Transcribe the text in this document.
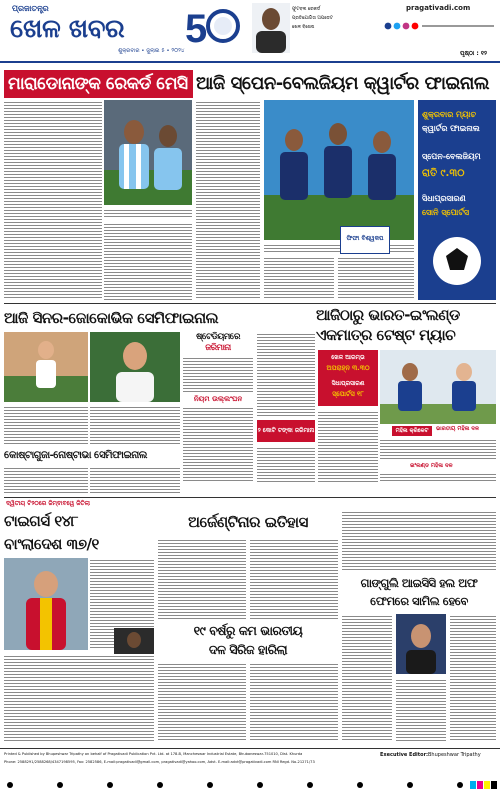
ପ୍ରଜାତନ୍ତ୍ର
ଖେଳ ଖବର
ଶୁକ୍ରବାର • ଜୁଲାଇ ୫ • ୨୦୨୪ 5	ଫୁଟବଲ ରେକର୍ଡ
ପ୍ରତିଯୋଗିତା ଅପଡେଟ
ଖେଳ ବିଶେଷ
pragativadi.com
ପୃଷ୍ଠା : ୧୨
ମାରାଡୋନାଙ୍କ ରେକର୍ଡ ମେସି ଭାଙ୍ଗିଲେ
ଆଜି ସ୍ପେନ-ବେଲଜିୟମ କ୍ୱାର୍ଟର ଫାଇନାଲ
ଫିଫା ବିଶ୍ୱକପ
ଶୁକ୍ରବାର ମ୍ୟାଚ
କ୍ୱାର୍ଟର ଫାଇନାଲ
ସ୍ପେନ-ବେଲଜିୟମ
ରାତି ୯.୩୦
ସିଧାପ୍ରସାରଣ
ସୋନି ସ୍ପୋର୍ଟସ
ଆଜି ସିନର-ଜୋକୋଭିକ ସେମିଫାଇନାଲ
ଷ୍ଟେଡିୟମରେ
ଜରିମାନା
ନିୟମ ଉଲ୍ଲଂଘନ
୨ କୋଟି ଟଙ୍କା ଜରିମାନା
ଆଜିଠାରୁ ଭାରତ-ଇଂଲଣ୍ଡ
ଏକମାତ୍ର ଟେଷ୍ଟ ମ୍ୟାଚ
ଖେଳ ଆରମ୍ଭ
ଅପରାହ୍ନ ୩.୩୦
ସିଧାପ୍ରସାରଣ
ସ୍ପୋର୍ଟସ ୧୮
ମହିଳା କ୍ରିକେଟ	ଭାରତୀୟ ମହିଳା ଦଳ
ଇଂଲଣ୍ଡ ମହିଳା ଦଳ
କୋଷ୍ଟାଗୁଜା-ନୋଷ୍ଟାଭା ସେମିଫାଇନାଲ
ଦ୍ୱିତୀୟ ଟି୨୦ରେ ଜିମ୍ବାବୱେ ଜିତିଲା
ଟାଇଗର୍ସ ୧୪୮
ବାଂଲାଦେଶ ୩୭/୧
ଅର୍ଜେଣ୍ଟିନାର ଇତିହାସ
୧୯ ବର୍ଷରୁ କମ ଭାରତୀୟ
ଦଳ ସିରିଜ ହାରିଲା
ଗାଙ୍ଗୁଲି ଆଇସିସି ହଲ ଅଫ
ଫେମରେ ସାମିଲ ହେବେ
Printed & Published by Bhupeshwar Tripathy on behalf of Pragativadi Publication Pvt. Ltd. at 178-B, Mancheswar Industrial Estate, Bhubaneswar-751010, Dist. Khurda
Phone: 2588291/2588268/4347198595, Fax: 2582586, E-mail:pragativadi@gmail.com, pragativadi@yahoo.com, Advt. E-mail:advt@pragativadi.com RNI Regd. No-21271/73
Executive Editor: Bhupeshwar Tripathy
